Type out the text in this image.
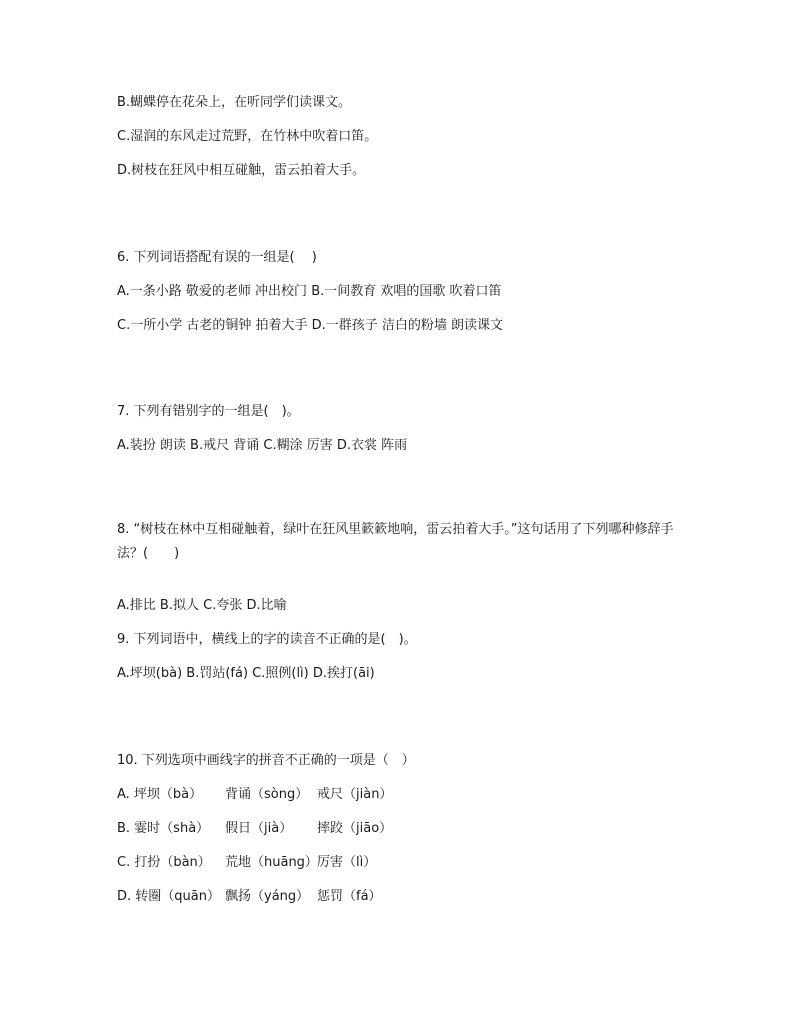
B.蝴蝶停在花朵上，在听同学们读课文。
C.湿润的东风走过荒野，在竹林中吹着口笛。
D.树枝在狂风中相互碰触，雷云拍着大手。
6. 下列词语搭配有误的一组是(　 )
A.一条小路 敬爱的老师 冲出校门 B.一间教育 欢唱的国歌 吹着口笛
C.一所小学 古老的铜钟 拍着大手 D.一群孩子 洁白的粉墙 朗读课文
7. 下列有错别字的一组是(　)。
A.装扮 朗读 B.戒尺 背诵 C.糊涂 厉害 D.衣裳 阵雨
8. “树枝在林中互相碰触着，绿叶在狂风里簌簌地响，雷云拍着大手。”这句话用了下列哪种修辞手法？(　　)
A.排比 B.拟人 C.夸张 D.比喻
9. 下列词语中，横线上的字的读音不正确的是(　)。
A.坪坝(bà) B.罚站(fá) C.照例(lì) D.挨打(āi)
10. 下列选项中画线字的拼音不正确的一项是（　）
A. 坪坝（bà） 背诵（sòng） 戒尺（jiàn）
B. 霎时（shà） 假日（jià） 摔跤（jiāo）
C. 打扮（bàn） 荒地（huāng）厉害（lì）
D. 转圈（quān） 飘扬（yáng） 惩罚（fá）
